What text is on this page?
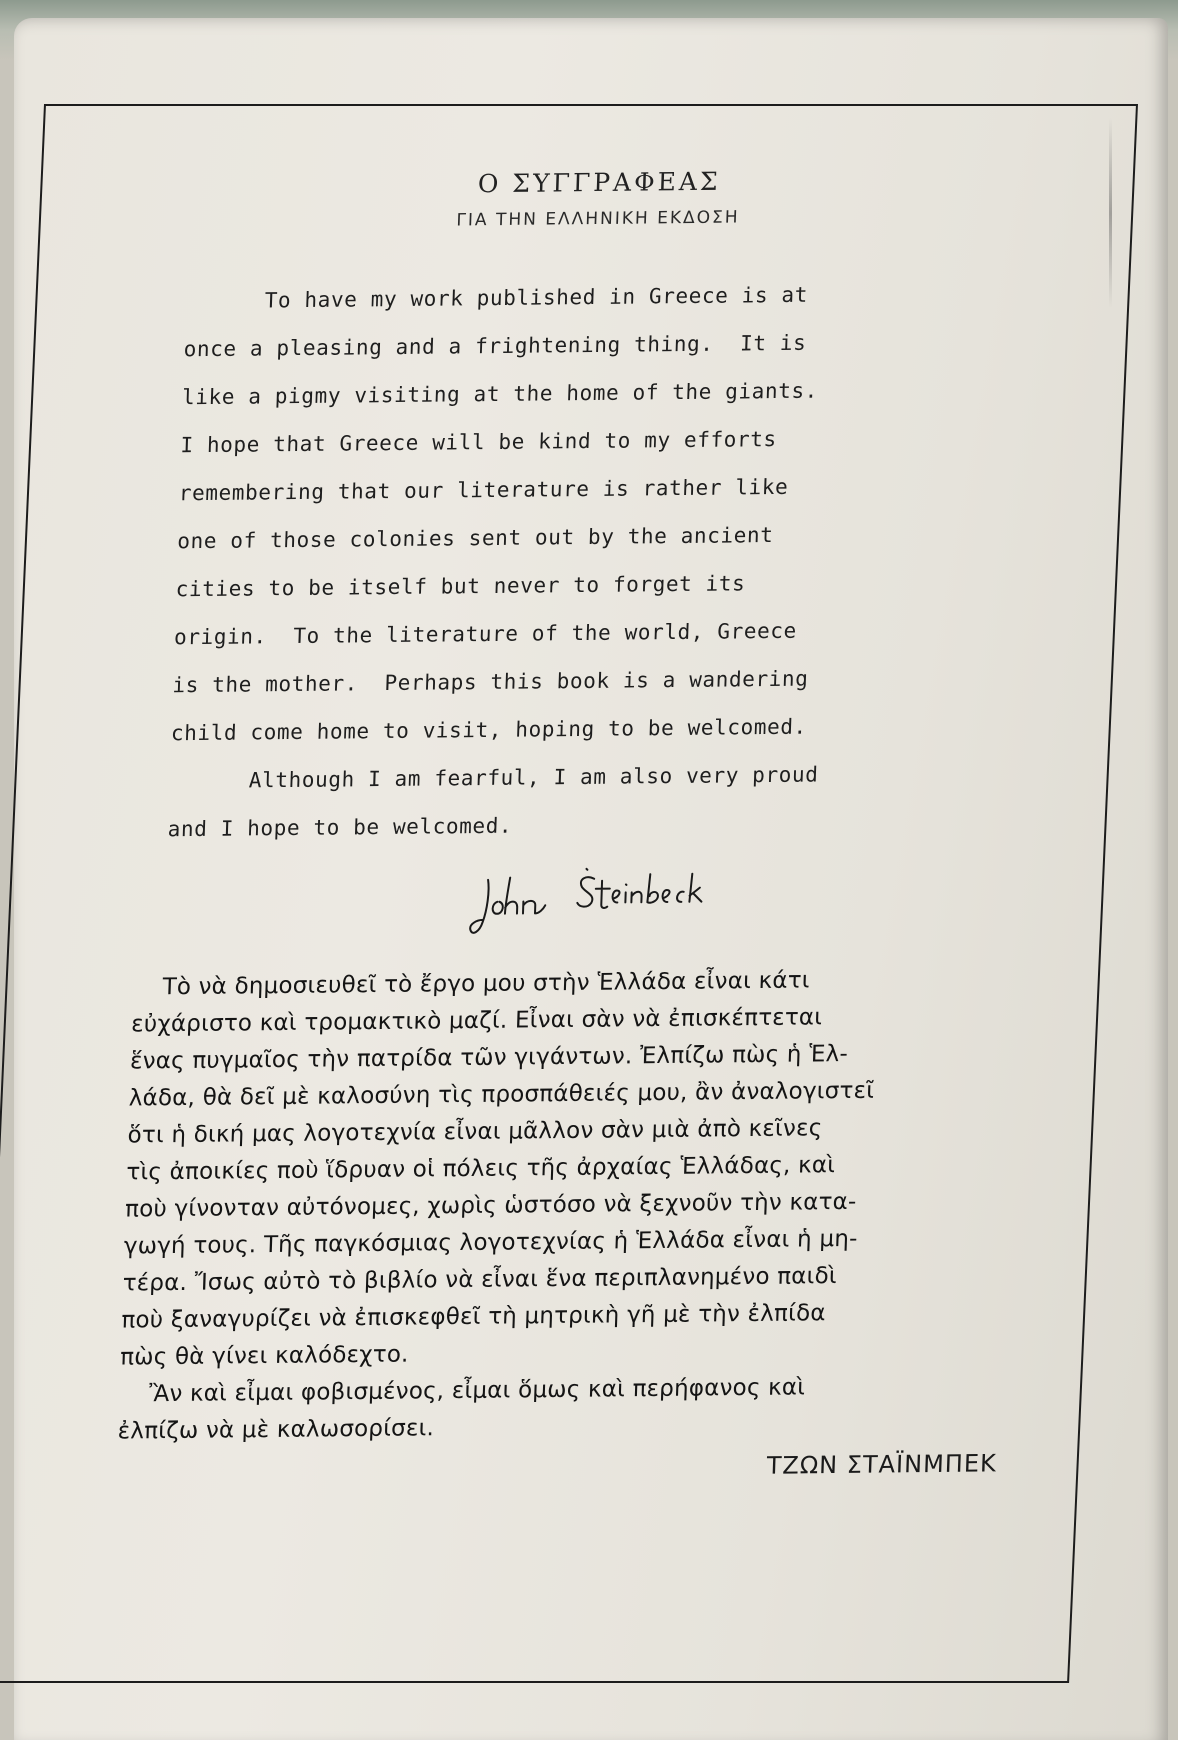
Ο ΣΥΓΓΡΑΦΕΑΣ
ΓΙΑ ΤΗΝ ΕΛΛΗΝΙΚΗ ΕΚΔΟΣΗ
To have my work published in Greece is at
once a pleasing and a frightening thing.  It is
like a pigmy visiting at the home of the giants.
I hope that Greece will be kind to my efforts
remembering that our literature is rather like
one of those colonies sent out by the ancient
cities to be itself but never to forget its
origin.  To the literature of the world, Greece
is the mother.  Perhaps this book is a wandering
child come home to visit, hoping to be welcomed.
Although I am fearful, I am also very proud
and I hope to be welcomed.
Τὸ νὰ δημοσιευθεῖ τὸ ἔργο μου στὴν Ἑλλάδα εἶναι κάτι
εὐχάριστο καὶ τρομακτικὸ μαζί. Εἶναι σὰν νὰ ἐπισκέπτεται
ἕνας πυγμαῖος τὴν πατρίδα τῶν γιγάντων. Ἐλπίζω πὼς ἡ Ἑλ-
λάδα, θὰ δεῖ μὲ καλοσύνη τὶς προσπάθειές μου, ἂν ἀναλογιστεῖ
ὅτι ἡ δική μας λογοτεχνία εἶναι μᾶλλον σὰν μιὰ ἀπὸ κεῖνες
τὶς ἀποικίες ποὺ ἵδρυαν οἱ πόλεις τῆς ἀρχαίας Ἑλλάδας, καὶ
ποὺ γίνονταν αὐτόνομες, χωρὶς ὡστόσο νὰ ξεχνοῦν τὴν κατα-
γωγή τους. Τῆς παγκόσμιας λογοτεχνίας ἡ Ἑλλάδα εἶναι ἡ μη-
τέρα. Ἴσως αὐτὸ τὸ βιβλίο νὰ εἶναι ἕνα περιπλανημένο παιδὶ
ποὺ ξαναγυρίζει νὰ ἐπισκεφθεῖ τὴ μητρικὴ γῆ μὲ τὴν ἐλπίδα
πὼς θὰ γίνει καλόδεχτο.
Ἂν καὶ εἶμαι φοβισμένος, εἶμαι ὅμως καὶ περήφανος καὶ
ἐλπίζω νὰ μὲ καλωσορίσει.
ΤΖΩΝ ΣΤΑΪΝΜΠΕΚ
